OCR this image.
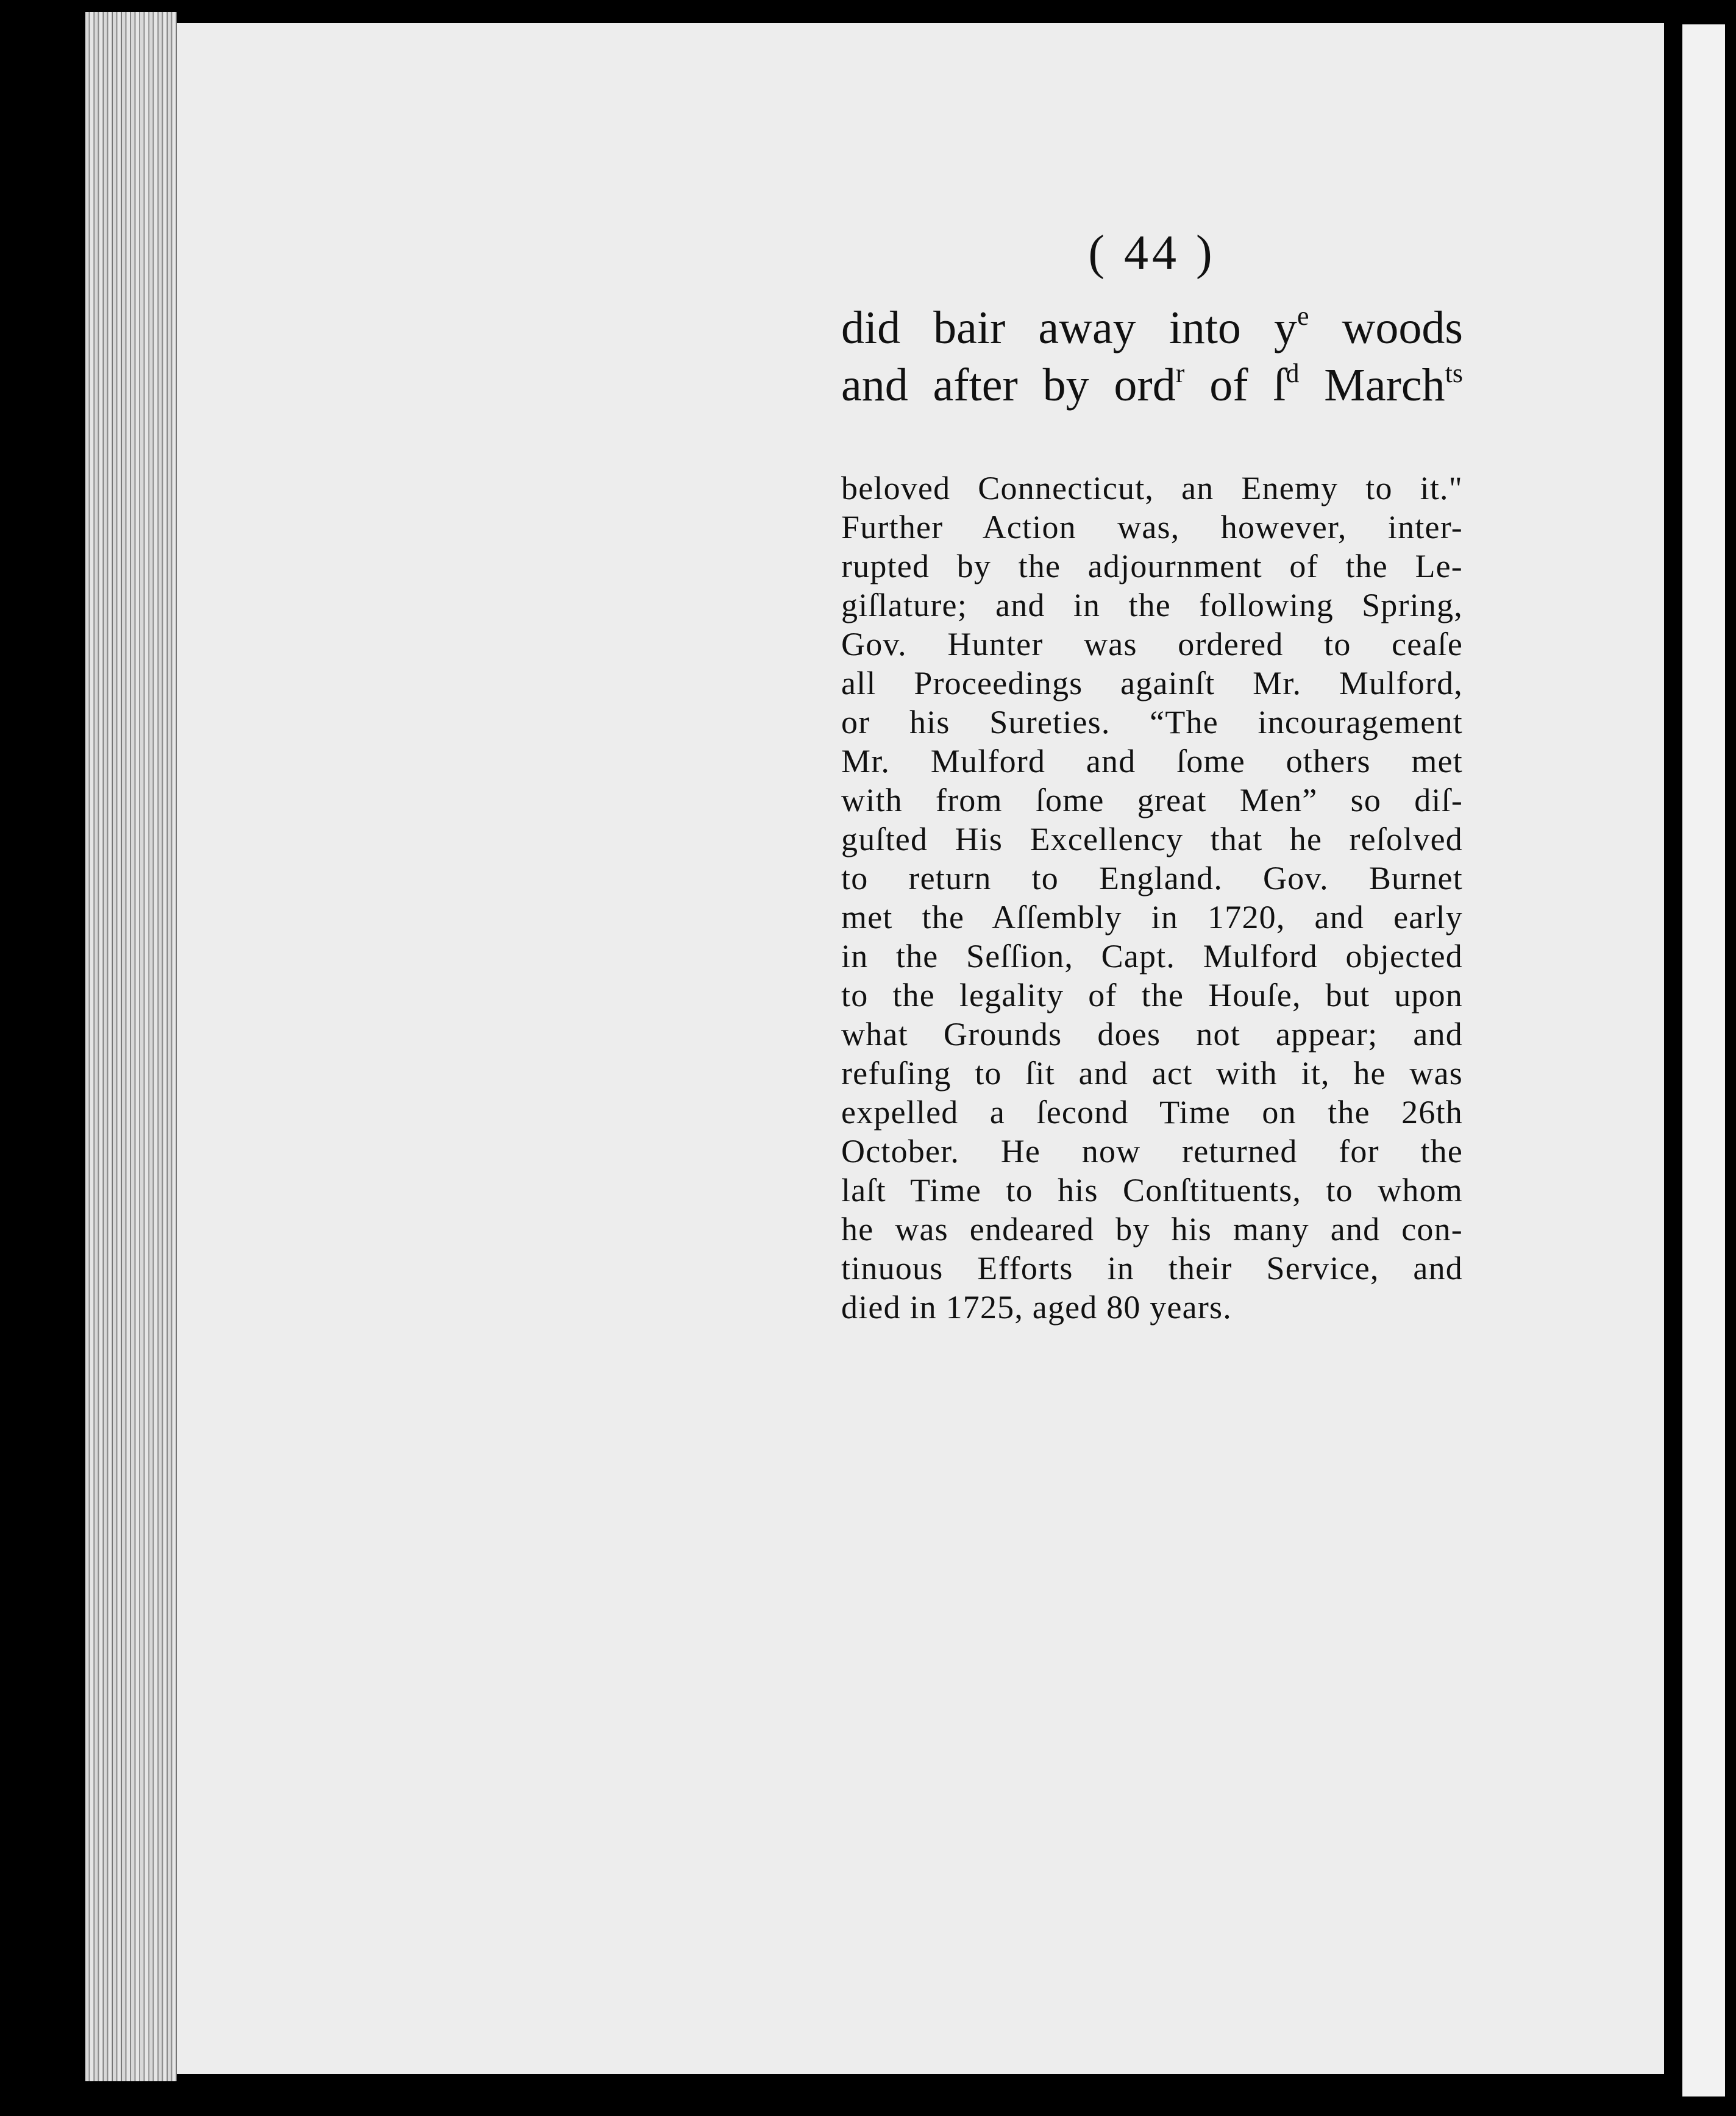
( 44 )
did bair away into $y^e$ woods
and after by ord$^r$ of $ſ^d$ March$^{ts}$
beloved Connecticut, an Enemy to it."
Further Action was, however, inter-
rupted by the adjournment of the Le-
giſlature; and in the following Spring,
Gov. Hunter was ordered to ceaſe
all Proceedings againſt Mr. Mulford,
or his Sureties. “The incouragement
Mr. Mulford and ſome others met
with from ſome great Men” so diſ-
guſted His Excellency that he reſolved
to return to England. Gov. Burnet
met the Aſſembly in 1720, and early
in the Seſſion, Capt. Mulford objected
to the legality of the Houſe, but upon
what Grounds does not appear; and
refuſing to ſit and act with it, he was
expelled a ſecond Time on the 26th
October. He now returned for the
laſt Time to his Conſtituents, to whom
he was endeared by his many and con-
tinuous Efforts in their Service, and
died in 1725, aged 80 years.
